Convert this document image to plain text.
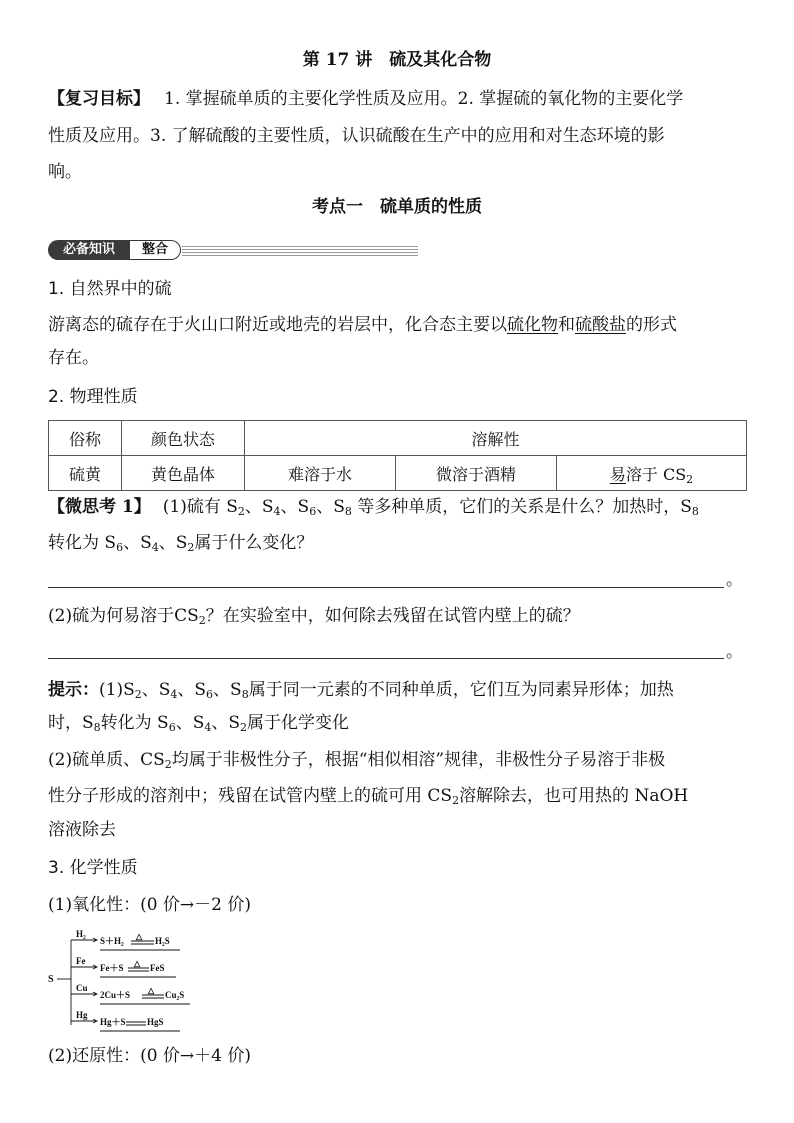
第 17 讲　硫及其化合物
【复习目标】 1. 掌握硫单质的主要化学性质及应用。2. 掌握硫的氧化物的主要化学
性质及应用。3. 了解硫酸的主要性质，认识硫酸在生产中的应用和对生态环境的影
响。
考点一　硫单质的性质
必备知识	整合
1. 自然界中的硫
游离态的硫存在于火山口附近或地壳的岩层中，化合态主要以硫化物和硫酸盐的形式
存在。
2. 物理性质
俗称	颜色状态	溶解性		
硫黄	黄色晶体	难溶于水	微溶于酒精	易溶于 $CS_2$
【微思考 1】 (1)硫有 $S_2$、$S_4$、$S_6$、$S_8$ 等多种单质，它们的关系是什么？加热时，$S_8$
转化为 $S_6$、$S_4$、$S_2$属于什么变化？
。
(2)硫为何易溶于$CS_2$？在实验室中，如何除去残留在试管内壁上的硫？
。
提示：$(1)S_2$、$S_4$、$S_6$、$S_8$属于同一元素的不同种单质，它们互为同素异形体；加热
时，$S_8$转化为 $S_6$、$S_4$、$S_2$属于化学变化
(2)硫单质、$CS_2$均属于非极性分子，根据“相似相溶”规律，非极性分子易溶于非极
性分子形成的溶剂中；残留在试管内壁上的硫可用 $CS_2$溶解除去，也可用热的 NaOH
溶液除去
3. 化学性质
(1)氧化性：(0 价→－2 价)
S
H₂
S＋H₂ △ H₂S
Fe
Fe＋S △ FeS
Cu
2Cu＋S △ Cu₂S
Hg
Hg＋S HgS
(2)还原性：(0 价→＋4 价)
